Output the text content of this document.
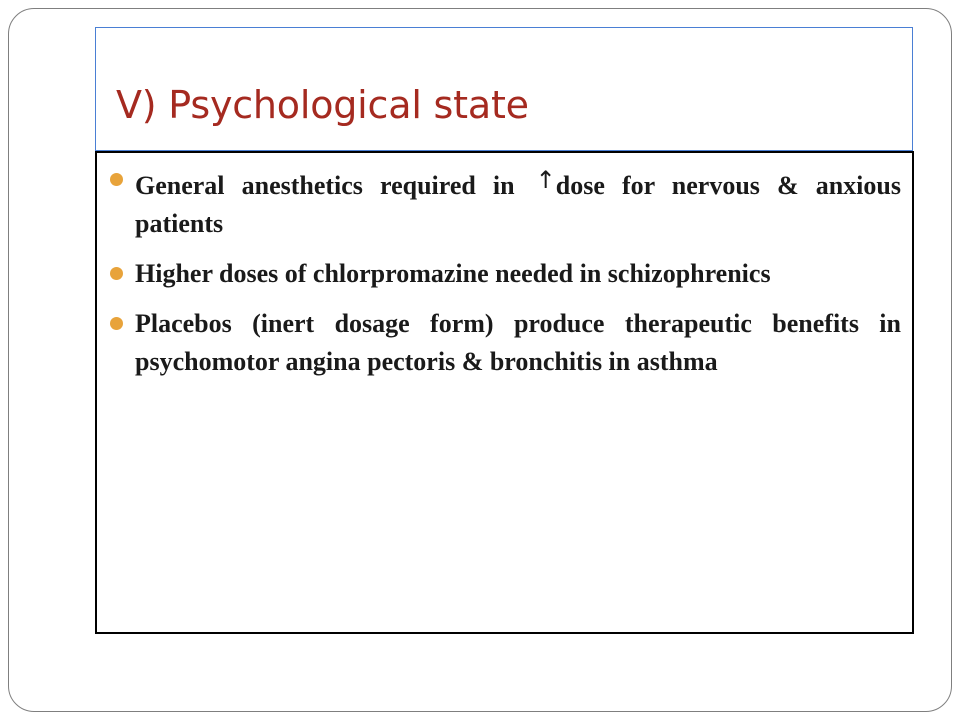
V) Psychological state
General anesthetics required in ↑dose for nervous & anxious patients
Higher doses of chlorpromazine needed in schizophrenics
Placebos (inert dosage form) produce therapeutic benefits in psychomotor angina pectoris & bronchitis in asthma
